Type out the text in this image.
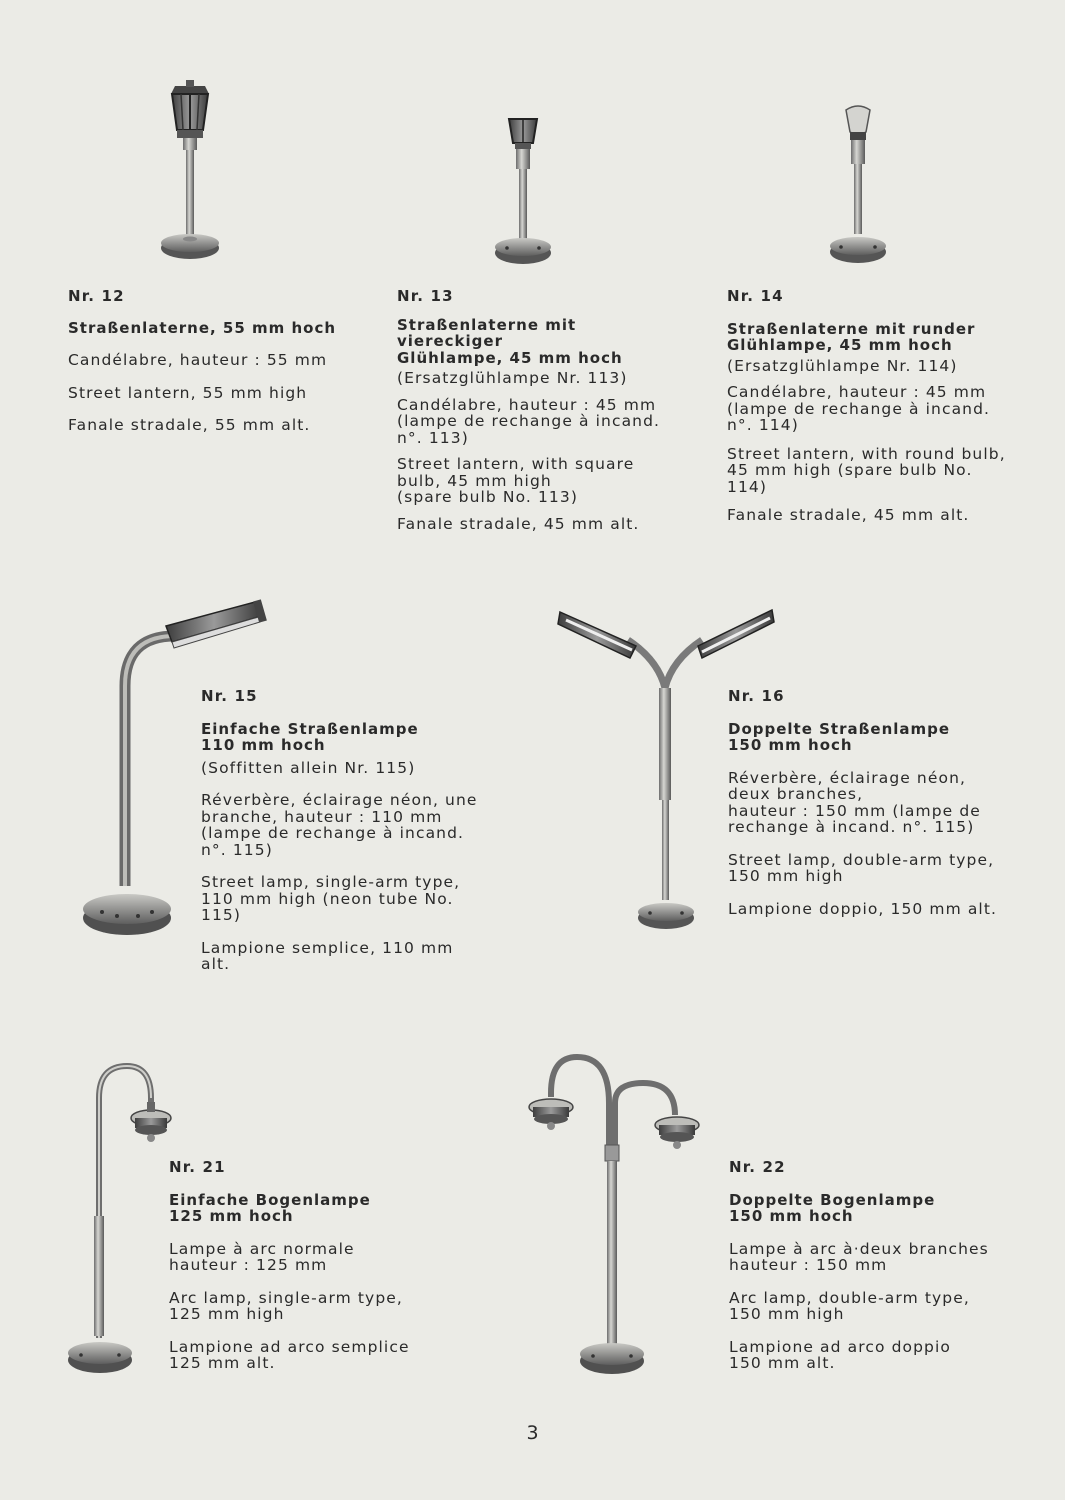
Nr. 12
Straßenlaterne, 55 mm hoch
Candélabre, hauteur : 55 mm
Street lantern, 55 mm high
Fanale stradale, 55 mm alt.
Nr. 13
Straßenlaterne mit viereckiger
Glühlampe, 45 mm hoch
(Ersatzglühlampe Nr. 113)
Candélabre, hauteur : 45 mm
(lampe de rechange à incand.
n°. 113)
Street lantern, with square
bulb, 45 mm high
(spare bulb No. 113)
Fanale stradale, 45 mm alt.
Nr. 14
Straßenlaterne mit runder
Glühlampe, 45 mm hoch
(Ersatzglühlampe Nr. 114)
Candélabre, hauteur : 45 mm
(lampe de rechange à incand.
n°. 114)
Street lantern, with round bulb,
45 mm high (spare bulb No. 114)
Fanale stradale, 45 mm alt.
Nr. 15
Einfache Straßenlampe
110 mm hoch
(Soffitten allein Nr. 115)
Réverbère, éclairage néon, une
branche, hauteur : 110 mm
(lampe de rechange à incand.
n°. 115)
Street lamp, single-arm type,
110 mm high (neon tube No. 115)
Lampione semplice, 110 mm alt.
Nr. 16
Doppelte Straßenlampe
150 mm hoch
Réverbère, éclairage néon,
deux branches,
hauteur : 150 mm (lampe de
rechange à incand. n°. 115)
Street lamp, double-arm type,
150 mm high
Lampione doppio, 150 mm alt.
Nr. 21
Einfache Bogenlampe
125 mm hoch
Lampe à arc normale
hauteur : 125 mm
Arc lamp, single-arm type,
125 mm high
Lampione ad arco semplice
125 mm alt.
Nr. 22
Doppelte Bogenlampe
150 mm hoch
Lampe à arc à·deux branches
hauteur : 150 mm
Arc lamp, double-arm type,
150 mm high
Lampione ad arco doppio
150 mm alt.
3
